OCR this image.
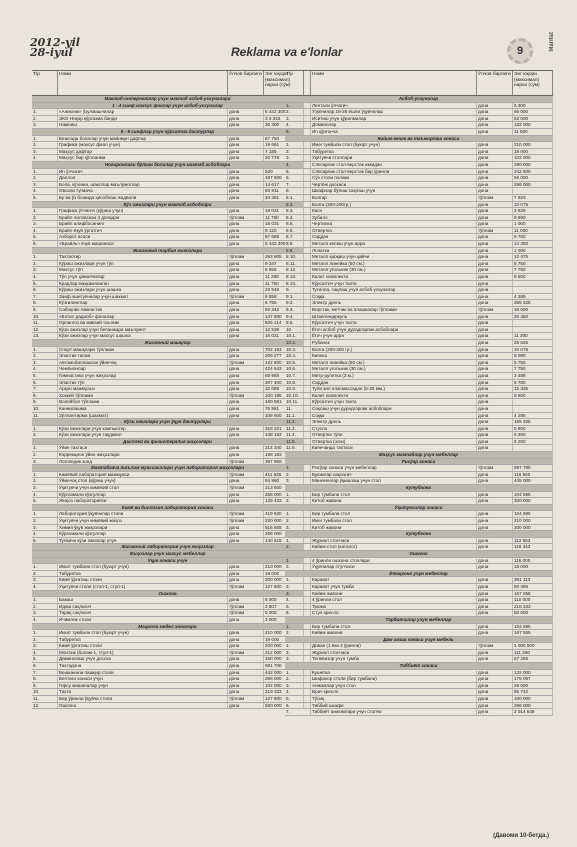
2012-yil
28-iyul	Reklama va e'lonlar	9	Marifat
T/p	Номи	Ўлчов бирлиги Энг юқори (максимал) нархи (сўм)
Мактаб-интернатлар учун мактаб асбоб-ускуналари
1 - 4 синф махсус фанлар учун асбоб-ускуналар
1.	«Аниклик» ўзулмашчилар	дона	5 442 300
2.	ЭКО Ноқор кўргазма банди	дона	3 4 343
3.	Намоиш	дона	35 300
5 - 9 синфлар учун кўрсатма дастурлар
1.	Бешсада болалар учун майнмун дафтар	дона	87 750
2.	Графика (махсус фаол учун)	дона	19 681
3.	Маҳсус дафтар	дона	7 185
4.	Маҳсус бир қўлланма	дона	20 778
Ногиронлиги бўлган болалар учун мактаб асбоблари
1.	Ип ўлчагич	дона	520
2.	Даллол	дона	167 600
3.	Бола, кўзгина, шакллар маълумотлар	дона	14 617
4.	Овозли тугмача	дона	93 911
5.	Бу ва ўз бошида ҳисоблаш жадвали	дона	34 381
Кўз ожизлари учун мактаб асбоблари
1.	Графика ўлчагич (кўриш учун)	дона	19 031
2.	Брайл лиловсизи 4 донадан	тўплам	11 750
3.	Брайл алифбосининг	дона	16 031
4.	Брайл ёзув ўргатгич	дона	8 120
5.	Ахборот асоси	дона	67 685
6.	«Брайль» ёзув машинаси	дона	5 442 300
Жисмоний тарбия жихозлари
1.	Тахтаотир	тўплам	293 805
2.	Кўриш ожизлари учун тўп	дона	9 347
3.	Махсус тўп	дона	8 856
4.	Тўп учун ҳимоячилар	дона	11 288
5.	Крадлар маҳкамланган	дона	11 750
6.	Кўриш ожизлари учун шашка	дона	23 548
7.	Заиф эшитувчилар учун шахмат	тўплам	6 558
8.	Кўзгилинглар	дона	6 755
9.	Сабоқлик гимнастик	дона	92 342
10.	«Ботил радиоб» фоналар	дона	147 900
11.	Орлангоз ва мавзий таълим	дона	825 214
12.	Кўзи ожизлар учун бепанжара маълумот	дона	12 539
13.	Кўзи ожизлар учун махсус шашка	дона	16 031
Жисмоний машқлар
1.	Спорт машқлари тўплами	дона	702 163
2.	Эластик тасма	дона	209 277
3.	Автомобиллашган ўйинчоқ	тўплам	122 600
4.	Чемпионлар	дона	424 643
5.	Гимнастика учун жиҳозлар	дона	88 988
6.	Эластик тўп	дона	307 400
7.	Арқон мажмуаси	дона	32 088
8.	Хоккей тўплами	тўплам	100 185
9.	Волейбол тўплами	дона	160 581
10.	Каннилашма	дона	76 981
11.	Зўллантирма (шахмат)	дона	108 600
Кўзи ожизлари учун ўқув дастурлари
1.	Кўзи ожизлари учун компьютер	дона	318 221
2.	Кўзи ожизлари учун тақдимот	дона	138 183
Дисплей ва физиотерапия жиҳозлари
1.	Ўйин тахтаси	дона	314 340
2.	Коррекцион ўйин жиҳозлари	дона	198 183
3.	Логопедик зонд	тўплам	397 959
Мактабгача таълим муассасалари учун лаборатория жиҳозлари
1.	Кимёвий лаборатория мажмуаси	тўплам	411 635
2.	Ўйинчоқ стол (кўриш учун)	дона	64 960
3.	Ўқитувчи учун кимёвий стол	тўплам	213 600
4.	Кўргазмали кўзгуллар	дона	258 000
5.	Жиҳоз лабораторияси	дона	139 433
Кимё ва биология лаборатория хонаси
1.	Лаборатория ўқувчилар столи	тўплам	419 620
2.	Ўқитувчи учун кимёвий жиҳоз	тўплам	220 000
3.	Химия ўқув жиҳозлари	дона	515 655
4.	Кўргазмали кўзгуллар	дона	256 000
5.	Тугмача кўзи ожизлар учун	дона	140 615
Жисмоний лаборатория учун жиҳозлар
Жиҳозлар учун махсус мебеллар
Ўқув хонаси учун
1.	Иккит тумбали стол (буюрт учун)	дона	210 000
2.	Табуретка	дона	18 000
3.	Кимё ўрғатиш столи	дона	200 000
4.	Ўқитувчи столи (стол-1, стул-1)	тўплам	127 600
Ошхона
1.	Бакаш	дона	6 000
2.	Идиш сақлагич	тўплам	3 607
3.	Тарақ сақлагич	тўплам	5 000
4.	Ичимлик столи	дона	3 000
Маҳалла мебел хоналари
1.	Иккит тумбали стол (буюрт учун)	дона	210 000
2.	Табуретка	дона	18 000
3.	Кимё ўрғатиш столи	дона	200 000
4.	Монтаж (болам-1, стул-1)	тўплам	212 000
5.	Даминолаш учун досска	дона	160 000
6.	Тахтадона	дона	681 700
7.	Бешканали пашқир столи	дона	442 000
8.	Белтаға хонаси учун	дона	268 000
9.	Гирсу машиналар учун	дона	102 000
10.	Тахта	дона	219 333
11.	Бир ўринли ўқувчи столи	тўплам	127 600
12.	Ошхона	дона	550 000
T/p	Номи	Ўлчов бирлиги Энг юқори (максимал) нархи (сўм)
Асбоб-ускуналар
1.	Лентали ўлчагич	дона	6 300
2.	Ўзувчилар 18-25 ёшли ўқувчилар	дона	66 000
3.	Иситиш учун қўрилмалар	дона	62 000
4.	Доминолар	дона	182 000
5.	Ип қўрғонча	дона	11 500
Кийим-кечак ва таъмирлаш хонаси
1.	Икки тумбали стол (буюрт учун)	дона	210 000
2.	Табуретка	дона	18 000
3.	Ўқитувчи столлари	дона	102 000
4.	Слесарлик стол-верстак иккидан	дона	290 000
5.	Слесарлик стол-верстак бир ўринли	дона	242 600
6.	Сўз столи полаки	дона	56 000
7.	Чертёж доскаси	дона	296 000
8.	Шкафлар бўлиш сақлаш учун	дона
8.1.	Болгар	тўплам	7 923
8.2.	Болга (300-200гр.)	дона	10 075
8.3.	Касн	дона	3 625
8.4.	Зубило	дона	9 890
8.5.	Чертилка	дона	1 000
8.6.	Отвертка	тўплам	11 000
8.7.	Сиддан	дона	9 780
8.8.	Металл кесиш учун арра	дона	14 350
8.9.	Лопатка	дона	1 000
8.10.	Металл қирқиш учун қайчи	дона	12 475
8.11.	Металл линейка (50 см.)	дона	5 750
8.12.	Металл угольник (30 см.)	дона	7 750
8.13.	Калит комплекти	дона	8 600
8.14.	Кўрсатгич учун тахта	дона
9.	Тугилла, сақлаш учун асбоб-ускуналар	дона
9.1.	Соққа	дона	4 285
9.2.	Электр дрель	дона	355 328
9.3.	Верстак, метчик ва плашкалар тўплами	тўплам	18 000
9.4.	Штангенциркуль	дона	26 450
9.5.	Кўрсатгич учун тахта	дона
10.	Ёғоч асбоб учун дурадгорлик асбоблари	дона
10.1.	Ёғоч учун арра	дона	11 300
10.2.	Рубанок	дона	25 625
10.3.	Болга (200-300 гр.)	дона	10 075
10.4.	Киянка	дона	8 090
10.5.	Металл линейка (50 см.)	дона	5 750
10.6.	Металл угольник (30 см.)	дона	7 750
10.7.	Метр-рулетка (3 м.)	дона	3 488
10.8.	Сиддан	дона	9 780
10.9.	Тупи зил пласмассадан (5-25 мм.)	дона	15 335
10.10.	Калит комплекти	дона	8 600
10.11.	Кўрсатгич учун тахта	дона
11.	Сақлаш учун дурадгорлик асбоблари	дона
11.1.	Соққа	дона	4 285
11.2.	Электр дрель	дона	155 328
11.3.	Стусло	дона	5 900
11.4.	Отвертка тўпи	дона	6 350
11.5.	Отвертка (эски)	дона	6 250
11.6.	Киянчанда тахтаси	дона
Маҳсус мактаблар учун мебеллар
Рисўар хонаси
1.	Рисўар хонаси учун мебеллар	тўплам	887 785
2.	Буюмлар сақлагич	дона	116 560
3.	Манекенлар ўқишлаш учун стол	дона	445 000
Кутубхона
1.	Бир тумбали стол	дона	104 695
2.	Китоб жавони	дона	300 000
Ўқитувчилар хонаси
1.	Бир тумбали стол	дона	104 695
2.	Икки тумбали стол	дона	210 000
3.	Китоб жавони	дона	200 000
Кутубхона
1.	Журнал столчаси	дона	113 553
2.	Кийим-стол (каталог)	дона	118 443
Ошхона
1.	4 ўринли ошхона столлари	дона	116 000
2.	Ўқувчилар стулчаси	дона	18 000
Ётоқхона учун мебеллар
1.	Каравот	дона	391 113
2.	Каравот учун тумба	дона	50 455
3.	Кийим жавони	дона	167 555
4.	4 ўринли стол	дона	110 000
5.	Трюмо	дона	218 333
6.	Стул-кресло	дона	50 600
Тарбиячилар учун мебеллар
1.	Бир тумбали стол	дона	104 695
2.	Кийим жавони	дона	167 555
Дам олиш хонаси учун мебель
1.	Диван (1 ёки 2 ўринли)	тўплам	1 000 000
2.	Журнал столчаси	дона	111 250
3.	Телевизор учун тумба	дона	67 256
Тиббиёт хонаси
1.	Кушетка	дона	132 000
2.	Шифокор столи (бир тумбали)	дона	176 057
3.	Анжомлар учун стол	дона	26 000
4.	Врач кресло	дона	65 742
5.	Тўсиқ	дона	100 000
6.	Тиббий шкафи	дона	296 000
7.	Тиббиёт анжомлари учун столча	дона	2 014 649
(Давоми 10-бетда.)
